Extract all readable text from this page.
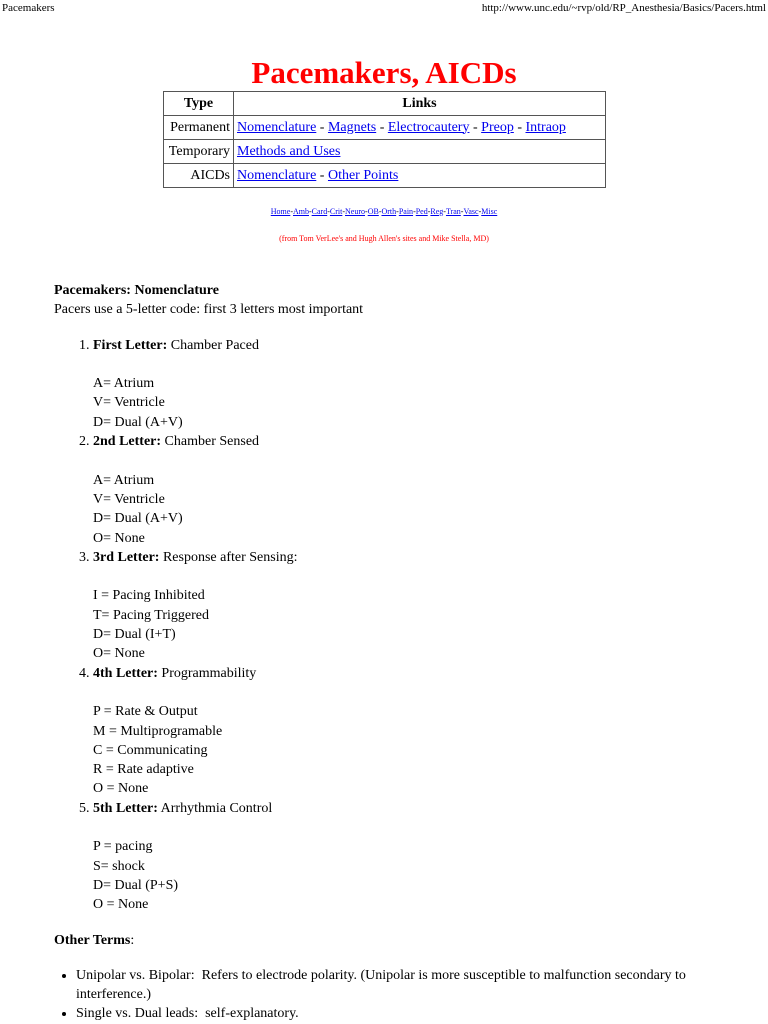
Pacemakers	http://www.unc.edu/~rvp/old/RP_Anesthesia/Basics/Pacers.html
Pacemakers, AICDs
Type	Links
Permanent	Nomenclature - Magnets - Electrocautery - Preop - Intraop
Temporary	Methods and Uses
AICDs	Nomenclature - Other Points
Home-Amb-Card-Crit-Neuro-OB-Orth-Pain-Ped-Reg-Tran-Vasc-Misc
(from Tom VerLee's and Hugh Allen's sites and Mike Stella, MD)
Pacemakers: Nomenclature

Pacers use a 5-letter code: first 3 letters most important

1. First Letter: Chamber Paced
A= Atrium
V= Ventricle
D= Dual (A+V)
2. 2nd Letter: Chamber Sensed
A= Atrium
V= Ventricle
D= Dual (A+V)
O= None
3. 3rd Letter: Response after Sensing:
I = Pacing Inhibited
T= Pacing Triggered
D= Dual (I+T)
O= None
4. 4th Letter: Programmability
P = Rate & Output
M = Multiprogramable
C = Communicating
R = Rate adaptive
O = None
5. 5th Letter: Arrhythmia Control
P = pacing
S= shock
D= Dual (P+S)
O = None
Other Terms:
• Unipolar vs. Bipolar: Refers to electrode polarity. (Unipolar is more susceptible to malfunction secondary to interference.)
• Single vs. Dual leads: self-explanatory.
